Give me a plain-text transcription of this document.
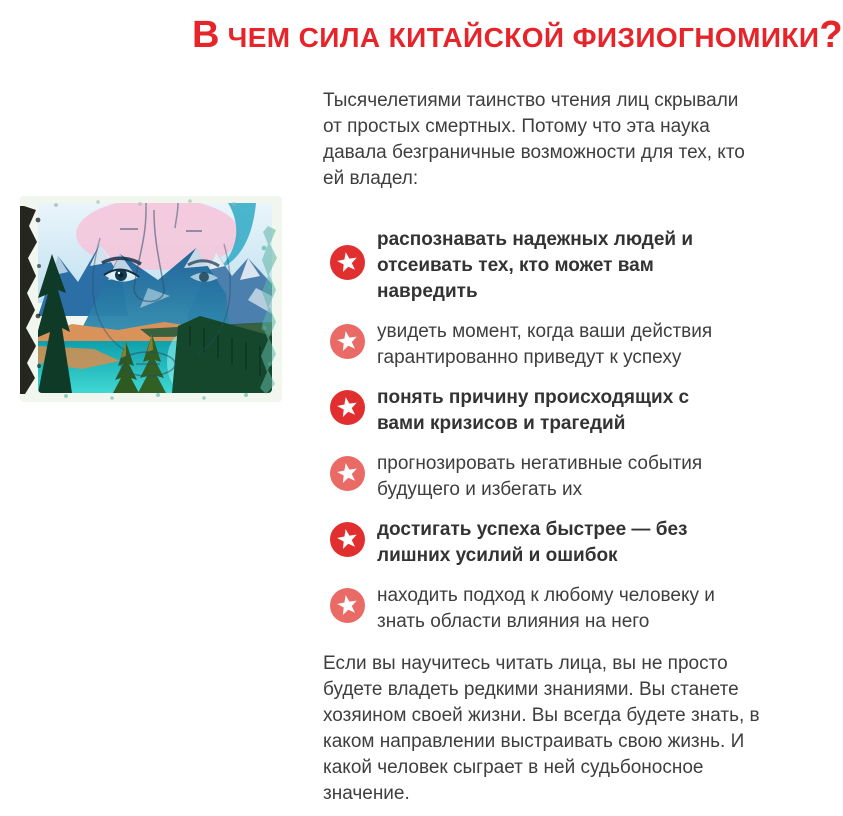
В ЧЕМ СИЛА КИТАЙСКОЙ ФИЗИОГНОМИКИ?

Тысячелетиями таинство чтения лиц скрывали от простых смертных. Потому что эта наука давала безграничные возможности для тех, кто ей владел:

распознавать надежных людей и отсеивать тех, кто может вам навредить
увидеть момент, когда ваши действия гарантированно приведут к успеху
понять причину происходящих с вами кризисов и трагедий
прогнозировать негативные события будущего и избегать их
достигать успеха быстрее — без лишних усилий и ошибок
находить подход к любому человеку и знать области влияния на него

Если вы научитесь читать лица, вы не просто будете владеть редкими знаниями. Вы станете хозяином своей жизни. Вы всегда будете знать, в каком направлении выстраивать свою жизнь. И какой человек сыграет в ней судьбоносное значение.
